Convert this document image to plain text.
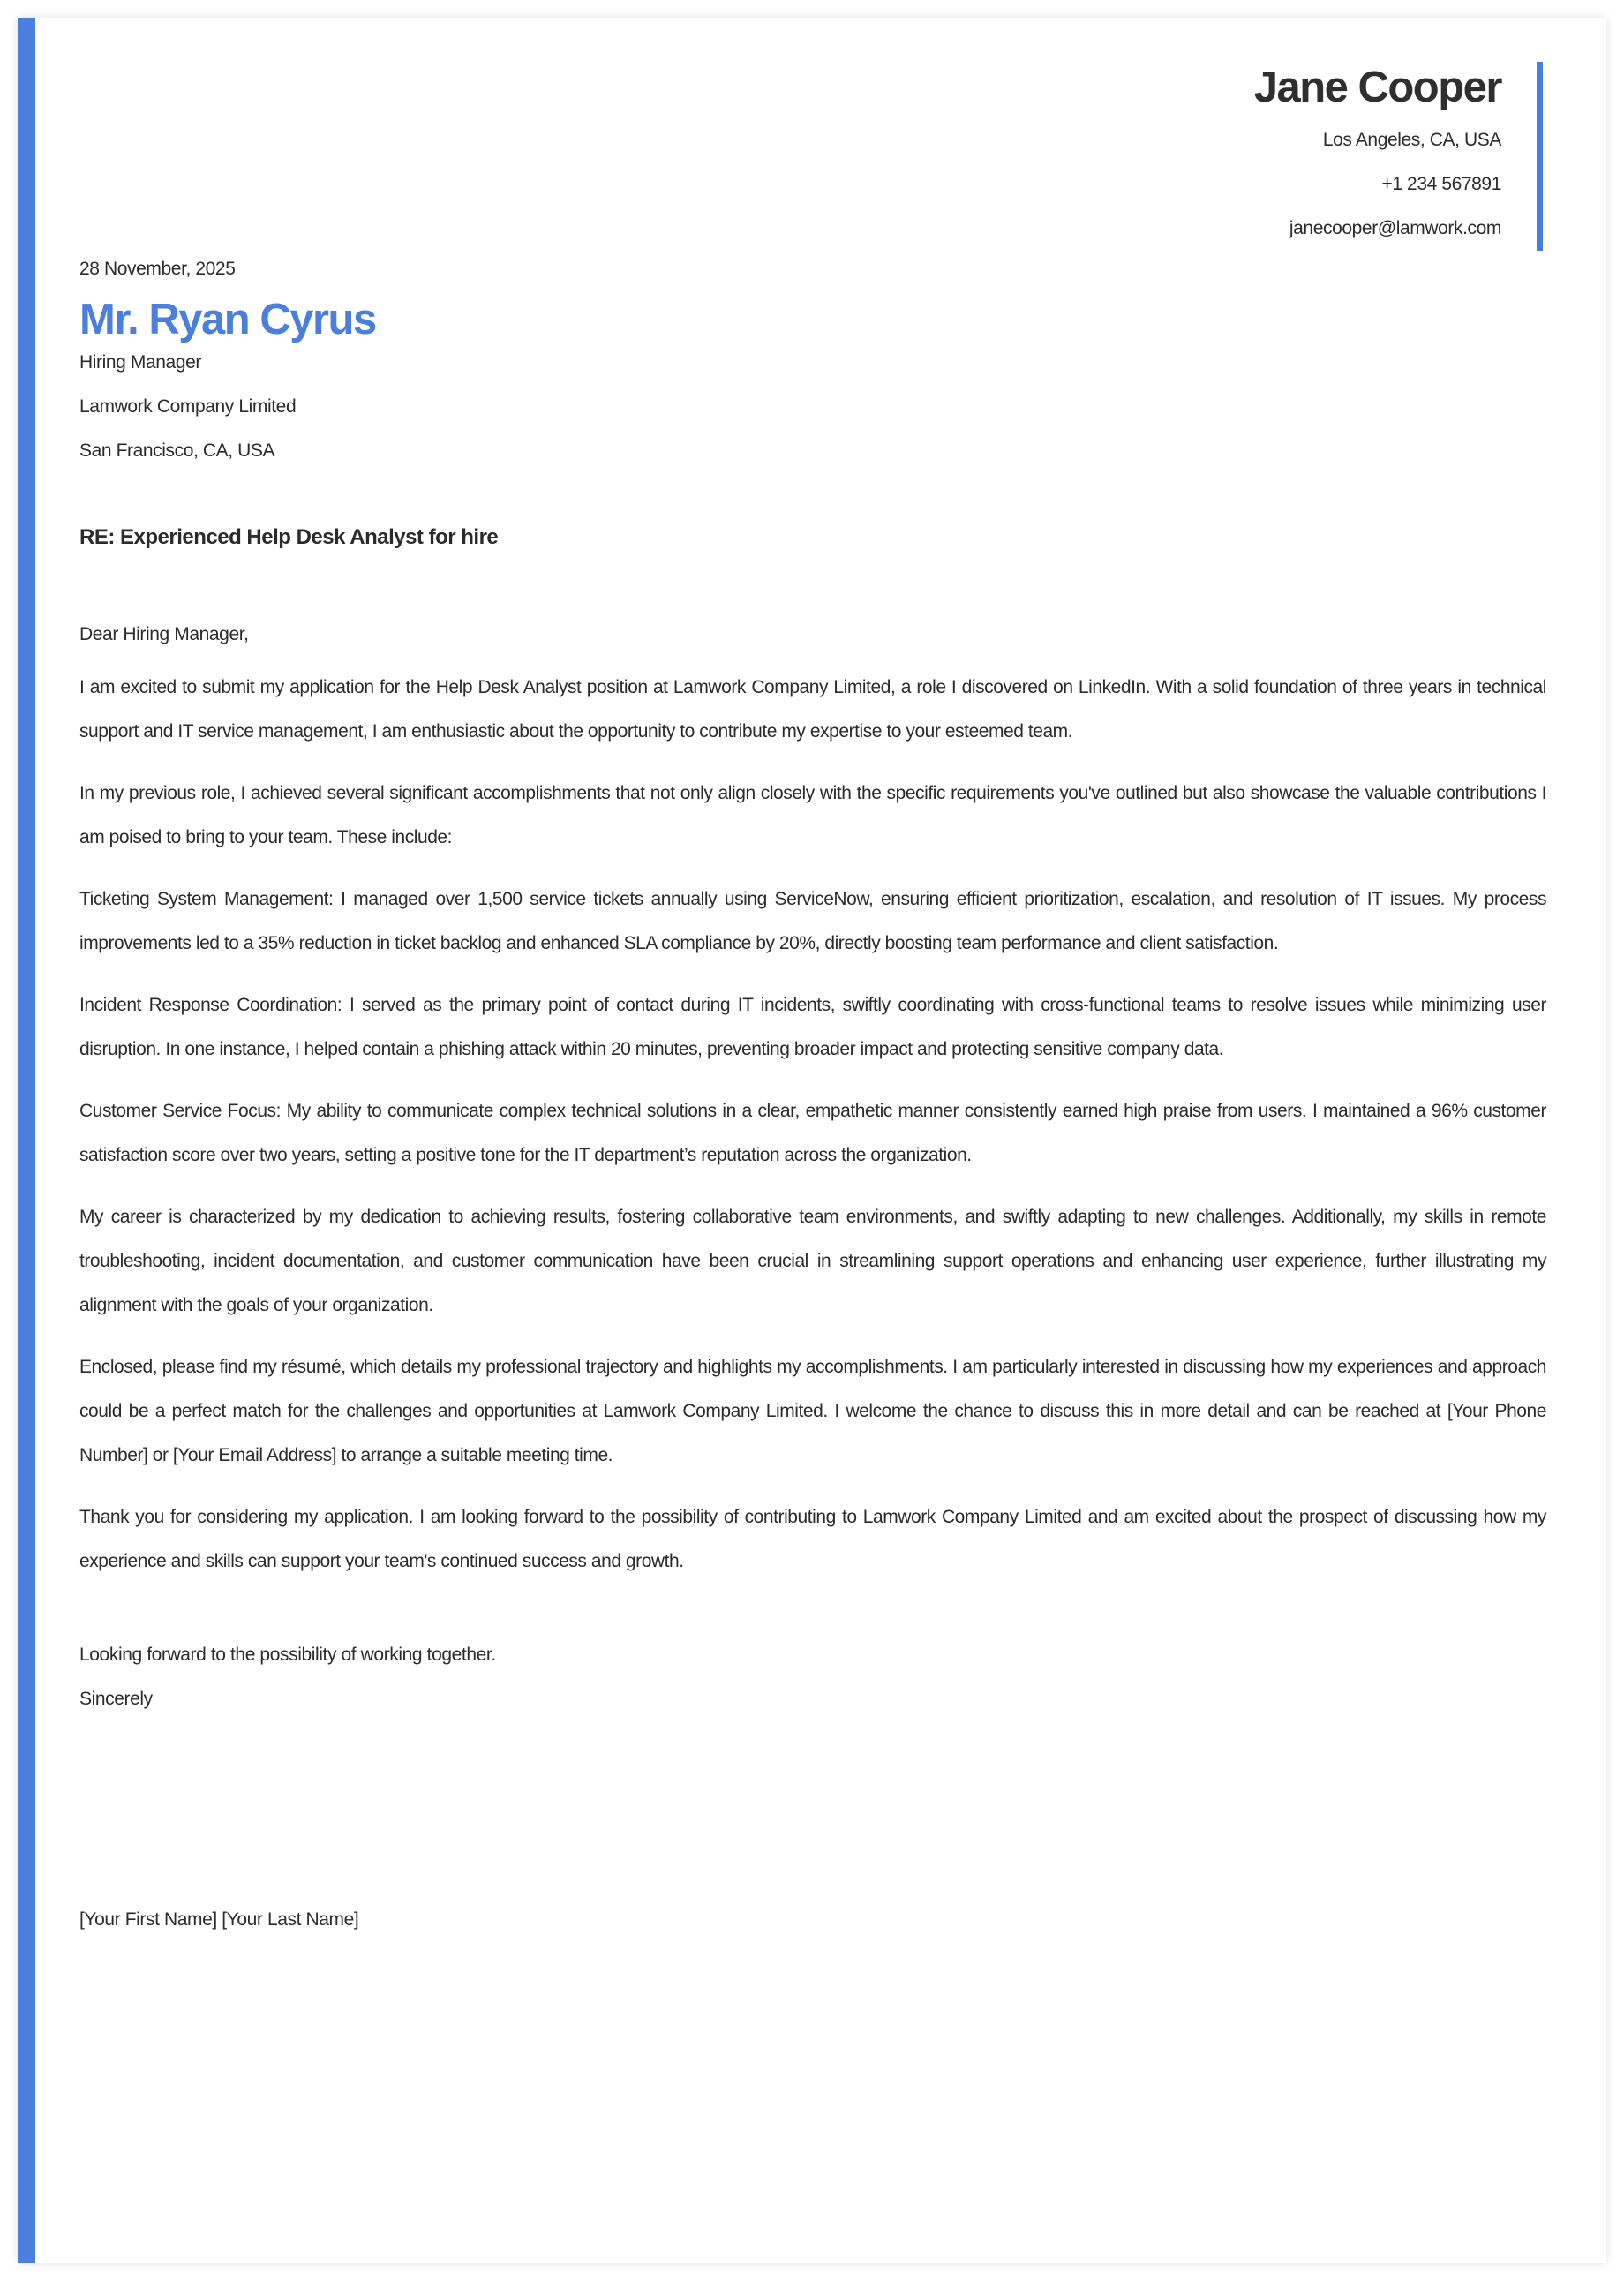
Jane Cooper
Los Angeles, CA, USA
+1 234 567891
janecooper@lamwork.com
28 November, 2025
Mr. Ryan Cyrus
Hiring Manager
Lamwork Company Limited
San Francisco, CA, USA
RE: Experienced Help Desk Analyst for hire
Dear Hiring Manager,
I am excited to submit my application for the Help Desk Analyst position at Lamwork Company Limited, a role I discovered on LinkedIn. With a solid foundation of three years in technical support and IT service management, I am enthusiastic about the opportunity to contribute my expertise to your esteemed team.
In my previous role, I achieved several significant accomplishments that not only align closely with the specific requirements you've outlined but also showcase the valuable contributions I am poised to bring to your team. These include:
Ticketing System Management: I managed over 1,500 service tickets annually using ServiceNow, ensuring efficient prioritization, escalation, and resolution of IT issues. My process improvements led to a 35% reduction in ticket backlog and enhanced SLA compliance by 20%, directly boosting team performance and client satisfaction.
Incident Response Coordination: I served as the primary point of contact during IT incidents, swiftly coordinating with cross-functional teams to resolve issues while minimizing user disruption. In one instance, I helped contain a phishing attack within 20 minutes, preventing broader impact and protecting sensitive company data.
Customer Service Focus: My ability to communicate complex technical solutions in a clear, empathetic manner consistently earned high praise from users. I maintained a 96% customer satisfaction score over two years, setting a positive tone for the IT department’s reputation across the organization.
My career is characterized by my dedication to achieving results, fostering collaborative team environments, and swiftly adapting to new challenges. Additionally, my skills in remote troubleshooting, incident documentation, and customer communication have been crucial in streamlining support operations and enhancing user experience, further illustrating my alignment with the goals of your organization.
Enclosed, please find my résumé, which details my professional trajectory and highlights my accomplishments. I am particularly interested in discussing how my experiences and approach could be a perfect match for the challenges and opportunities at Lamwork Company Limited. I welcome the chance to discuss this in more detail and can be reached at [Your Phone Number] or [Your Email Address] to arrange a suitable meeting time.
Thank you for considering my application. I am looking forward to the possibility of contributing to Lamwork Company Limited and am excited about the prospect of discussing how my experience and skills can support your team's continued success and growth.
Looking forward to the possibility of working together.
Sincerely
[Your First Name] [Your Last Name]
